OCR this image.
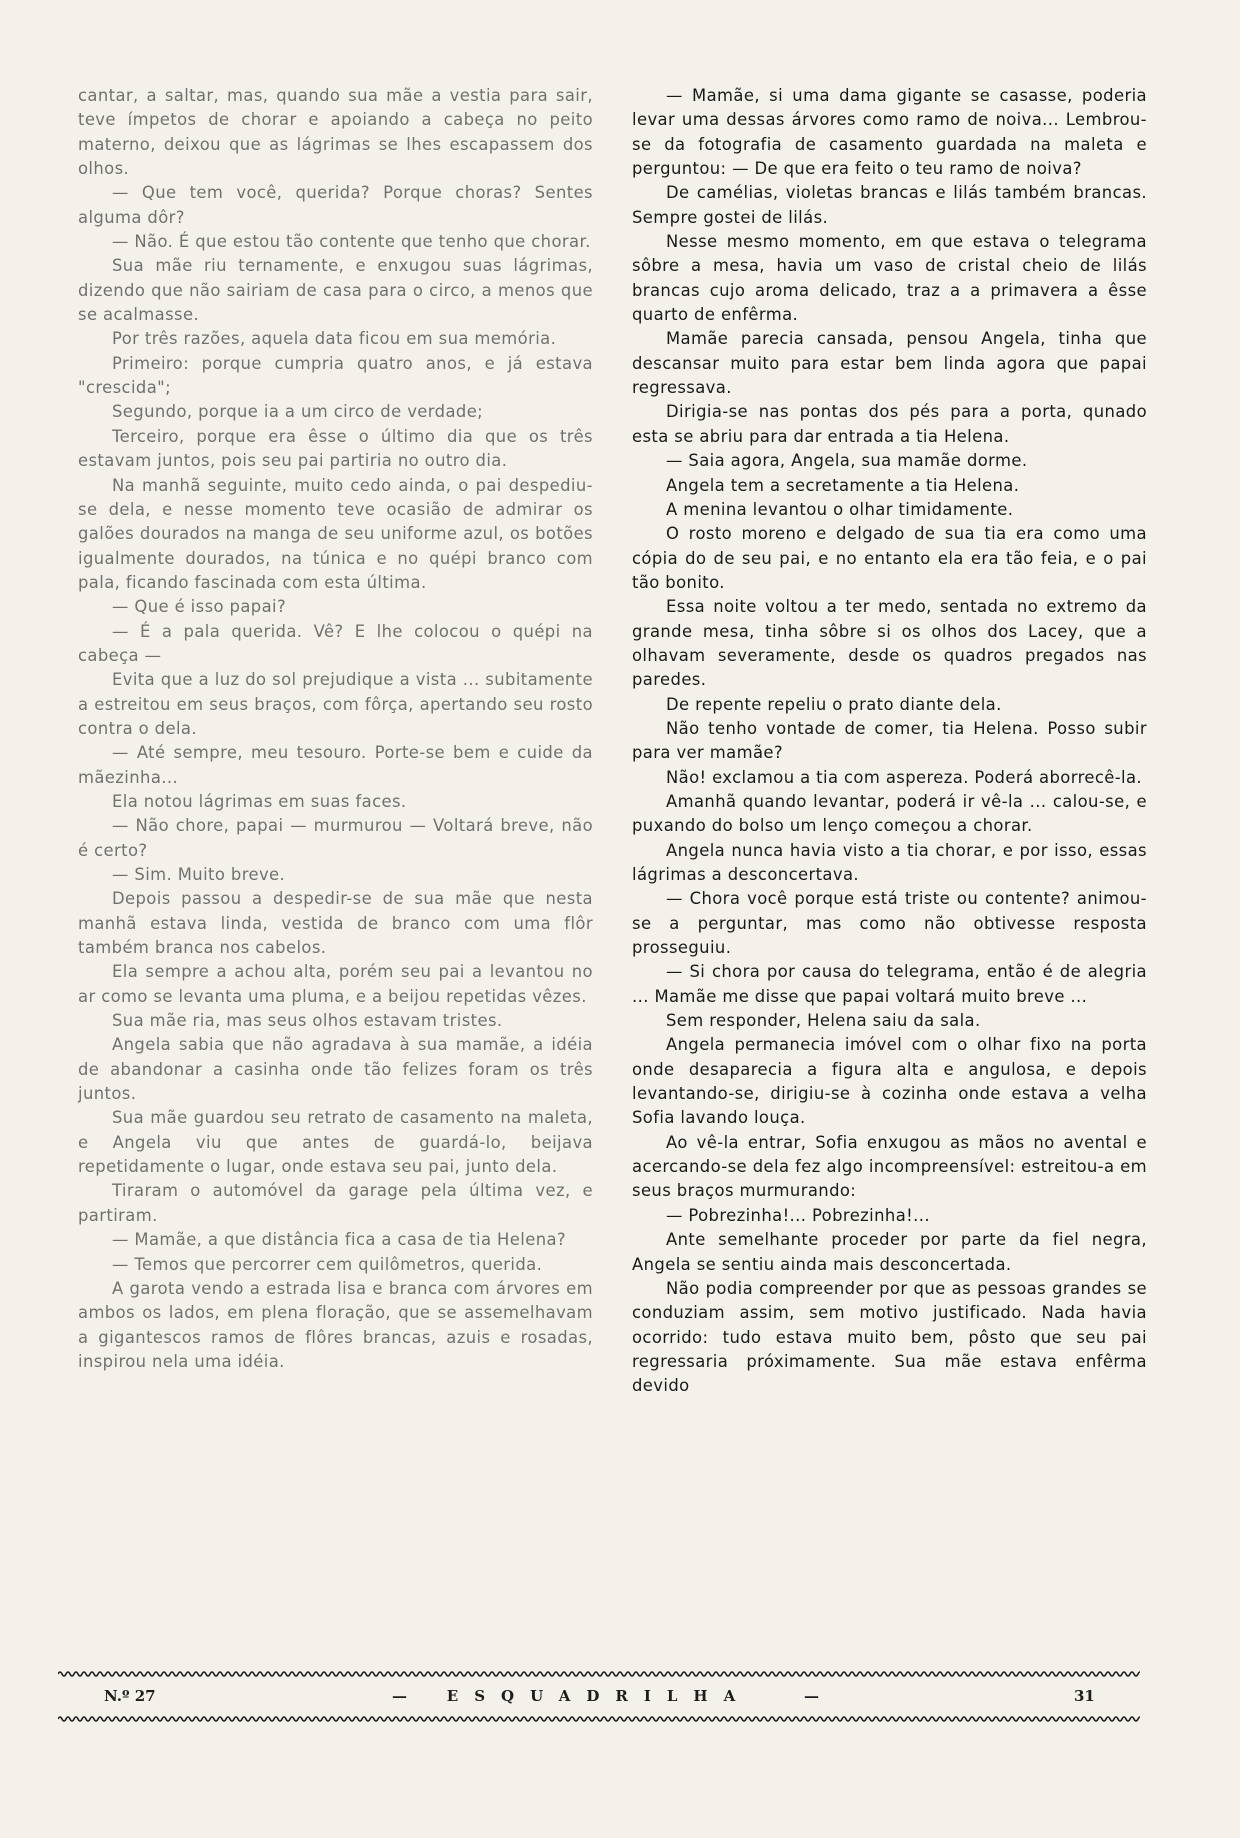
cantar, a saltar, mas, quando sua mãe a vestia para sair, teve ímpetos de chorar e apoiando a cabeça no peito materno, deixou que as lágrimas se lhes escapassem dos olhos.

— Que tem você, querida? Porque choras? Sentes alguma dôr?

— Não. É que estou tão contente que tenho que chorar.

Sua mãe riu ternamente, e enxugou suas lágrimas, dizendo que não sairiam de casa para o circo, a menos que se acalmasse.

Por três razões, aquela data ficou em sua memória.

Primeiro: porque cumpria quatro anos, e já estava "crescida";

Segundo, porque ia a um circo de verdade;

Terceiro, porque era êsse o último dia que os três estavam juntos, pois seu pai partiria no outro dia.

Na manhã seguinte, muito cedo ainda, o pai despediu-se dela, e nesse momento teve ocasião de admirar os galões dourados na manga de seu uniforme azul, os botões igualmente dourados, na túnica e no quépi branco com pala, ficando fascinada com esta última.

— Que é isso papai?

— É a pala querida. Vê? E lhe colocou o quépi na cabeça —

Evita que a luz do sol prejudique a vista ... subitamente a estreitou em seus braços, com fôrça, apertando seu rosto contra o dela.

— Até sempre, meu tesouro. Porte-se bem e cuide da mãezinha...

Ela notou lágrimas em suas faces.

— Não chore, papai — murmurou — Voltará breve, não é certo?

— Sim. Muito breve.

Depois passou a despedir-se de sua mãe que nesta manhã estava linda, vestida de branco com uma flôr também branca nos cabelos.

Ela sempre a achou alta, porém seu pai a levantou no ar como se levanta uma pluma, e a beijou repetidas vêzes.

Sua mãe ria, mas seus olhos estavam tristes.

Angela sabia que não agradava à sua mamãe, a idéia de abandonar a casinha onde tão felizes foram os três juntos.

Sua mãe guardou seu retrato de casamento na maleta, e Angela viu que antes de guardá-lo, beijava repetidamente o lugar, onde estava seu pai, junto dela.

Tiraram o automóvel da garage pela última vez, e partiram.

— Mamãe, a que distância fica a casa de tia Helena?

— Temos que percorrer cem quilômetros, querida.

A garota vendo a estrada lisa e branca com árvores em ambos os lados, em plena floração, que se assemelhavam a gigantescos ramos de flôres brancas, azuis e rosadas, inspirou nela uma idéia.

— Mamãe, si uma dama gigante se casasse, poderia levar uma dessas árvores como ramo de noiva... Lembrou-se da fotografia de casamento guardada na maleta e perguntou: — De que era feito o teu ramo de noiva?

De camélias, violetas brancas e lilás também brancas. Sempre gostei de lilás.

Nesse mesmo momento, em que estava o telegrama sôbre a mesa, havia um vaso de cristal cheio de lilás brancas cujo aroma delicado, traz a a primavera a êsse quarto de enfêrma.

Mamãe parecia cansada, pensou Angela, tinha que descansar muito para estar bem linda agora que papai regressava.

Dirigia-se nas pontas dos pés para a porta, qunado esta se abriu para dar entrada a tia Helena.

— Saia agora, Angela, sua mamãe dorme.

Angela tem a secretamente a tia Helena.

A menina levantou o olhar timidamente.

O rosto moreno e delgado de sua tia era como uma cópia do de seu pai, e no entanto ela era tão feia, e o pai tão bonito.

Essa noite voltou a ter medo, sentada no extremo da grande mesa, tinha sôbre si os olhos dos Lacey, que a olhavam severamente, desde os quadros pregados nas paredes.

De repente repeliu o prato diante dela.

Não tenho vontade de comer, tia Helena. Posso subir para ver mamãe?

Não! exclamou a tia com aspereza. Poderá aborrecê-la.

Amanhã quando levantar, poderá ir vê-la ... calou-se, e puxando do bolso um lenço começou a chorar.

Angela nunca havia visto a tia chorar, e por isso, essas lágrimas a desconcertava.

— Chora você porque está triste ou contente? animou-se a perguntar, mas como não obtivesse resposta prosseguiu.

— Si chora por causa do telegrama, então é de alegria ... Mamãe me disse que papai voltará muito breve ...

Sem responder, Helena saiu da sala.

Angela permanecia imóvel com o olhar fixo na porta onde desaparecia a figura alta e angulosa, e depois levantando-se, dirigiu-se à cozinha onde estava a velha Sofia lavando louça.

Ao vê-la entrar, Sofia enxugou as mãos no avental e acercando-se dela fez algo incompreensível: estreitou-a em seus braços murmurando:

— Pobrezinha!... Pobrezinha!...

Ante semelhante proceder por parte da fiel negra, Angela se sentiu ainda mais desconcertada.

Não podia compreender por que as pessoas grandes se conduziam assim, sem motivo justificado. Nada havia ocorrido: tudo estava muito bem, pôsto que seu pai regressaria próximamente. Sua mãe estava enfêrma devido

N.º 27	—	ESQUADRILHA	—	31
